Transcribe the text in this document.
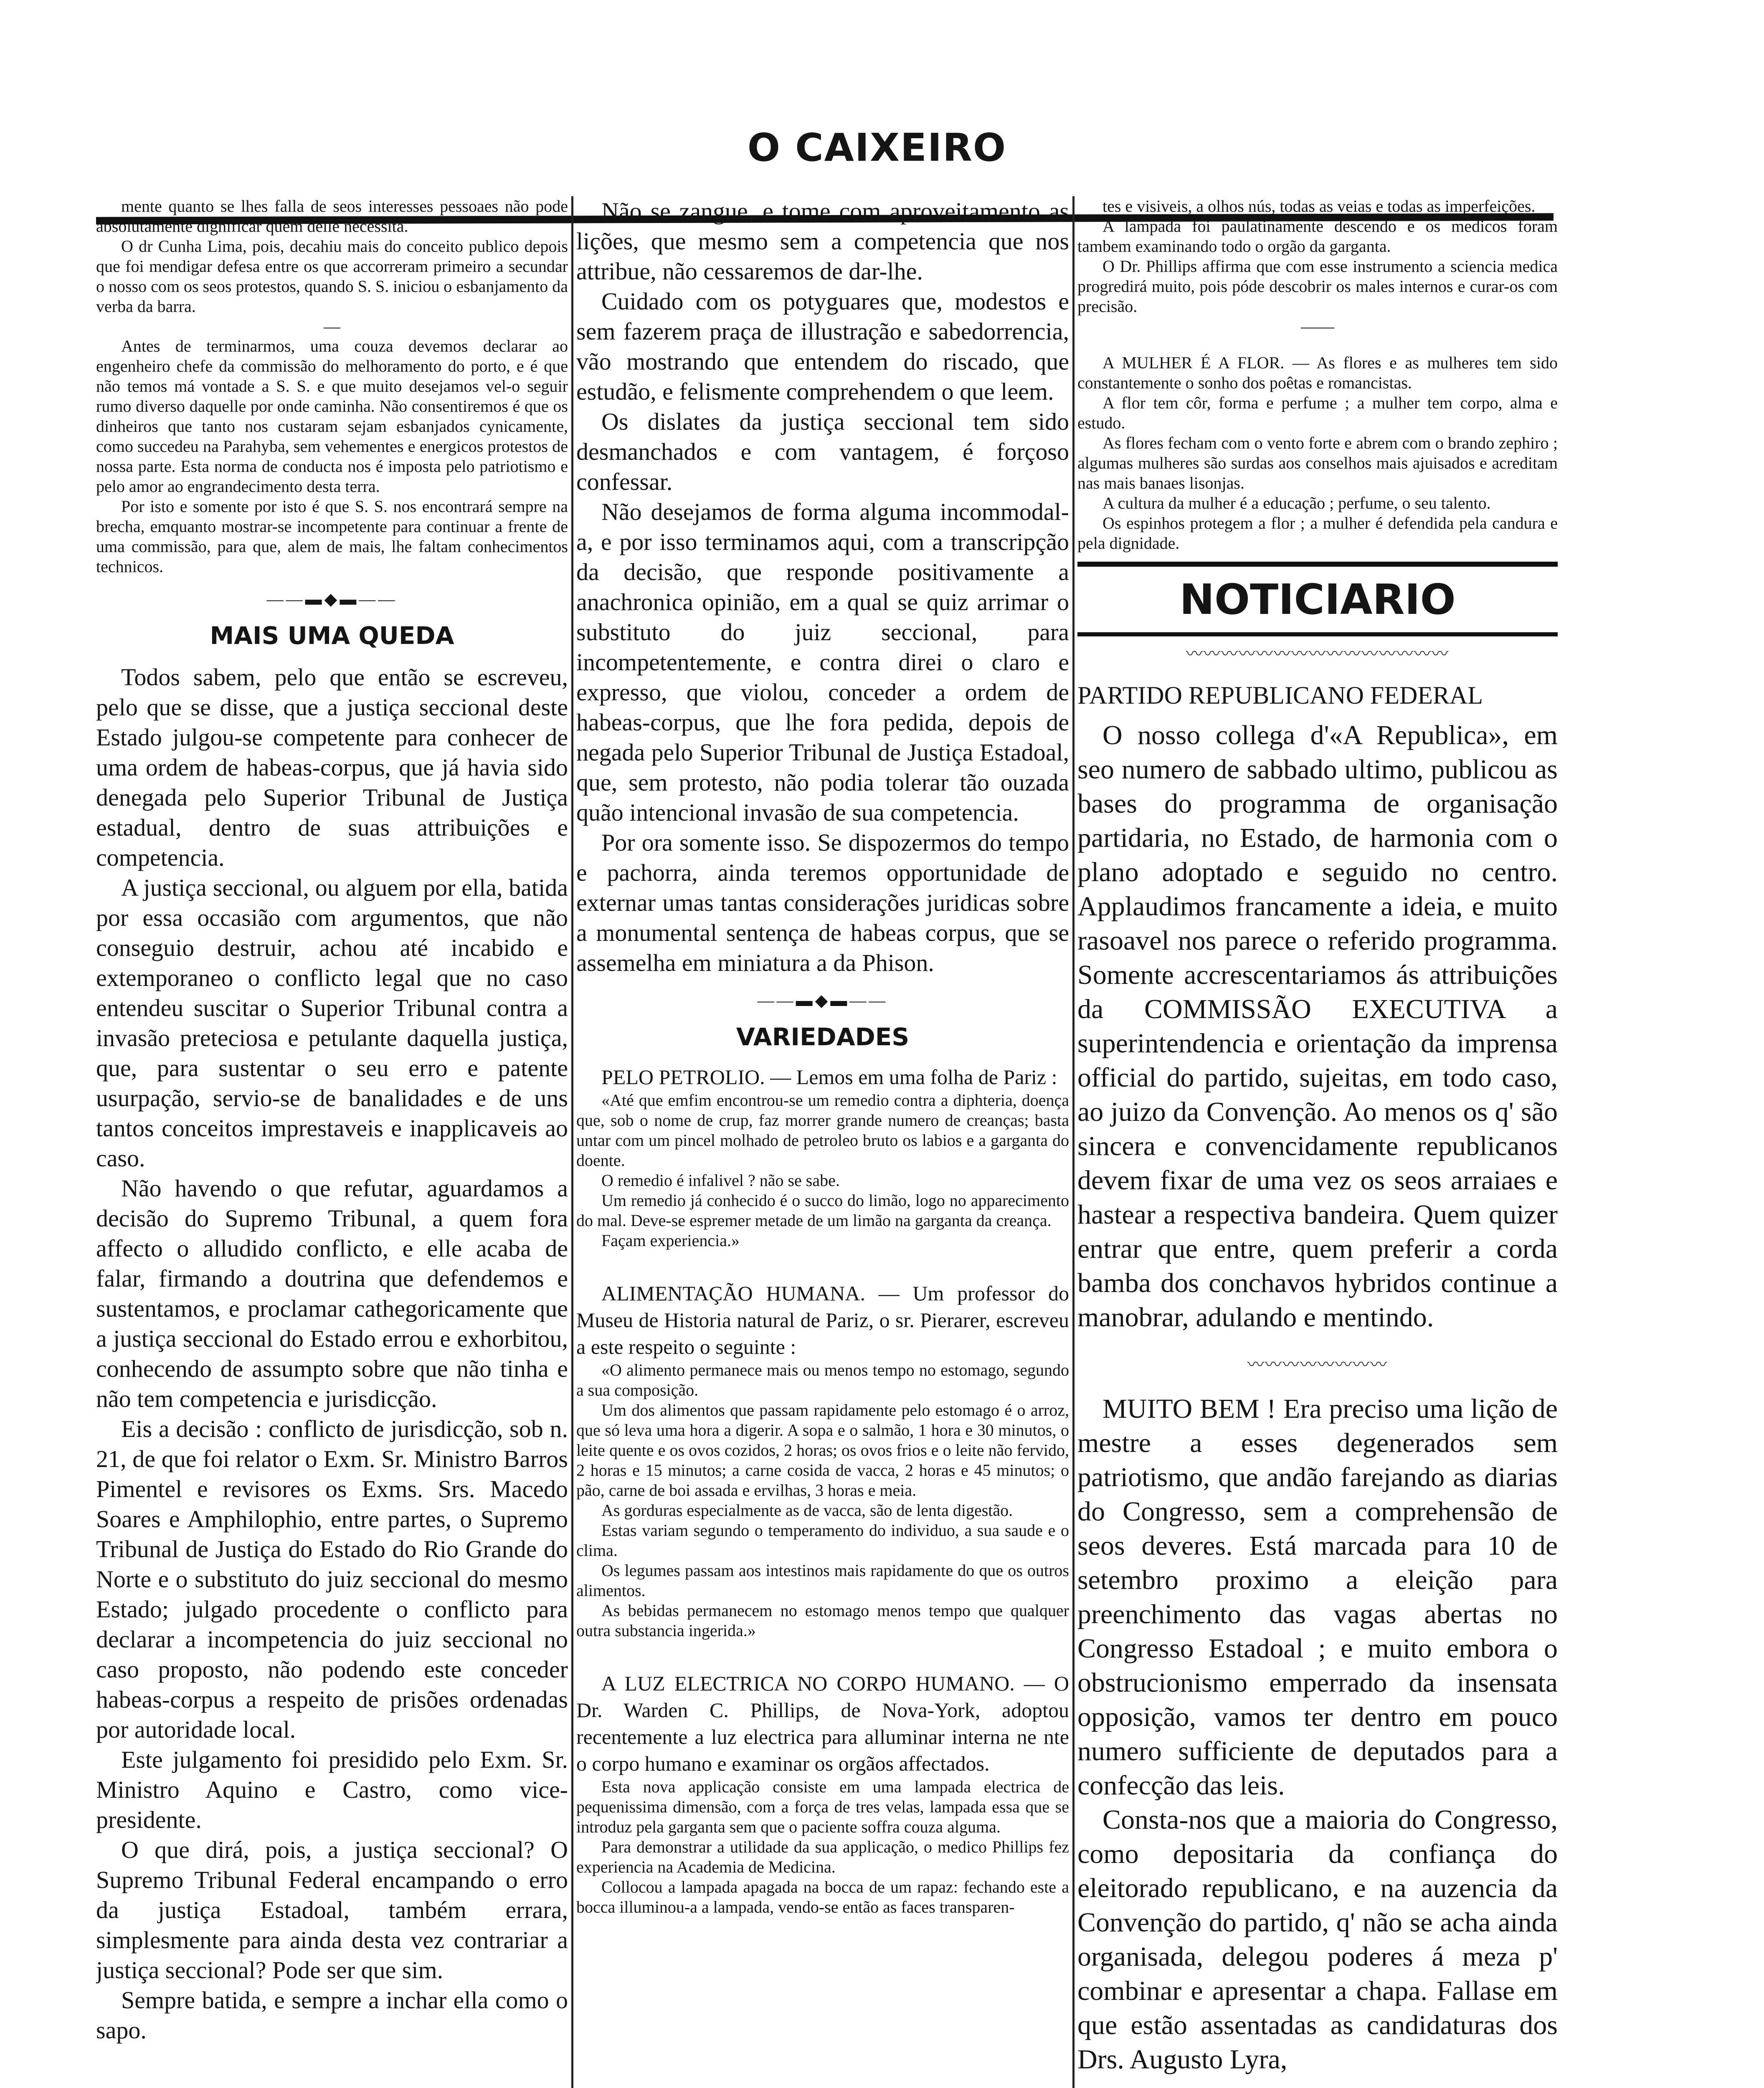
O CAIXEIRO

mente quanto se lhes falla de seos interesses pessoaes não pode absolutamente dignificar quem delle necessita.

O dr Cunha Lima, pois, decahiu mais do conceito publico depois que foi mendigar defesa entre os que accorreram primeiro a secundar o nosso com os seos protestos, quando S. S. iniciou o esbanjamento da verba da barra.

—

Antes de terminarmos, uma couza devemos declarar ao engenheiro chefe da commissão do melhoramento do porto, e é que não temos má vontade a S. S. e que muito desejamos vel-o seguir rumo diverso daquelle por onde caminha. Não consentiremos é que os dinheiros que tanto nos custaram sejam esbanjados cynicamente, como succedeu na Parahyba, sem vehementes e energicos protestos de nossa parte. Esta norma de conducta nos é imposta pelo patriotismo e pelo amor ao engrandecimento desta terra.

Por isto e somente por isto é que S. S. nos encontrará sempre na brecha, emquanto mostrar-se incompetente para continuar a frente de uma commissão, para que, alem de mais, lhe faltam conhecimentos technicos.

——▬◆▬——
MAIS UMA QUEDA

Todos sabem, pelo que então se escreveu, pelo que se disse, que a justiça seccional deste Estado julgou-se competente para conhecer de uma ordem de habeas-corpus, que já havia sido denegada pelo Superior Tribunal de Justiça estadual, dentro de suas attribuições e competencia.

A justiça seccional, ou alguem por ella, batida por essa occasião com argumentos, que não conseguio destruir, achou até incabido e extemporaneo o conflicto legal que no caso entendeu suscitar o Superior Tribunal contra a invasão preteciosa e petulante daquella justiça, que, para sustentar o seu erro e patente usurpação, servio-se de banalidades e de uns tantos conceitos imprestaveis e inapplicaveis ao caso.

Não havendo o que refutar, aguardamos a decisão do Supremo Tribunal, a quem fora affecto o alludido conflicto, e elle acaba de falar, firmando a doutrina que defendemos e sustentamos, e proclamar cathegoricamente que a justiça seccional do Estado errou e exhorbitou, conhecendo de assumpto sobre que não tinha e não tem competencia e jurisdicção.

Eis a decisão : conflicto de jurisdicção, sob n. 21, de que foi relator o Exm. Sr. Ministro Barros Pimentel e revisores os Exms. Srs. Macedo Soares e Amphilophio, entre partes, o Supremo Tribunal de Justiça do Estado do Rio Grande do Norte e o substituto do juiz seccional do mesmo Estado; julgado procedente o conflicto para declarar a incompetencia do juiz seccional no caso proposto, não podendo este conceder habeas-corpus a respeito de prisões ordenadas por autoridade local.

Este julgamento foi presidido pelo Exm. Sr. Ministro Aquino e Castro, como vice-presidente.

O que dirá, pois, a justiça seccional? O Supremo Tribunal Federal encampando o erro da justiça Estadoal, também errara, simplesmente para ainda desta vez contrariar a justiça seccional? Pode ser que sim.

Sempre batida, e sempre a inchar ella como o sapo.

Não se zangue, e tome com aproveitamento as lições, que mesmo sem a competencia que nos attribue, não cessaremos de dar-lhe.

Cuidado com os potyguares que, modestos e sem fazerem praça de illustração e sabedorrencia, vão mostrando que entendem do riscado, que estudão, e felismente comprehendem o que leem.

Os dislates da justiça seccional tem sido desmanchados e com vantagem, é forçoso confessar.

Não desejamos de forma alguma incommodal-a, e por isso terminamos aqui, com a transcripção da decisão, que responde positivamente a anachronica opinião, em a qual se quiz arrimar o substituto do juiz seccional, para incompetentemente, e contra direi o claro e expresso, que violou, conceder a ordem de habeas-corpus, que lhe fora pedida, depois de negada pelo Superior Tribunal de Justiça Estadoal, que, sem protesto, não podia tolerar tão ouzada quão intencional invasão de sua competencia.

Por ora somente isso. Se dispozermos do tempo e pachorra, ainda teremos opportunidade de externar umas tantas considerações juridicas sobre a monumental sentença de habeas corpus, que se assemelha em miniatura a da Phison.

——▬◆▬——
VARIEDADES

PELO PETROLIO. — Lemos em uma folha de Pariz :

«Até que emfim encontrou-se um remedio contra a diphteria, doença que, sob o nome de crup, faz morrer grande numero de creanças; basta untar com um pincel molhado de petroleo bruto os labios e a garganta do doente.

O remedio é infalivel ? não se sabe.

Um remedio já conhecido é o succo do limão, logo no apparecimento do mal. Deve-se espremer metade de um limão na garganta da creança.

Façam experiencia.»

ALIMENTAÇÃO HUMANA. — Um professor do Museu de Historia natural de Pariz, o sr. Pierarer, escreveu a este respeito o seguinte :

«O alimento permanece mais ou menos tempo no estomago, segundo a sua composição.

Um dos alimentos que passam rapidamente pelo estomago é o arroz, que só leva uma hora a digerir. A sopa e o salmão, 1 hora e 30 minutos, o leite quente e os ovos cozidos, 2 horas; os ovos frios e o leite não fervido, 2 horas e 15 minutos; a carne cosida de vacca, 2 horas e 45 minutos; o pão, carne de boi assada e ervilhas, 3 horas e meia.

As gorduras especialmente as de vacca, são de lenta digestão.

Estas variam segundo o temperamento do individuo, a sua saude e o clima.

Os legumes passam aos intestinos mais rapidamente do que os outros alimentos.

As bebidas permanecem no estomago menos tempo que qualquer outra substancia ingerida.»

A LUZ ELECTRICA NO CORPO HUMANO. — O Dr. Warden C. Phillips, de Nova-York, adoptou recentemente a luz electrica para alluminar interna ne nte o corpo humano e examinar os orgãos affectados.

Esta nova applicação consiste em uma lampada electrica de pequenissima dimensão, com a força de tres velas, lampada essa que se introduz pela garganta sem que o paciente soffra couza alguma.

Para demonstrar a utilidade da sua applicação, o medico Phillips fez experiencia na Academia de Medicina.

Collocou a lampada apagada na bocca de um rapaz: fechando este a bocca illuminou-a a lampada, vendo-se então as faces transparen-

tes e visiveis, a olhos nús, todas as veias e todas as imperfeições.

A lampada foi paulatinamente descendo e os medicos foram tambem examinando todo o orgão da garganta.

O Dr. Phillips affirma que com esse instrumento a sciencia medica progredirá muito, pois póde descobrir os males internos e curar-os com precisão.

——

A MULHER É A FLOR. — As flores e as mulheres tem sido constantemente o sonho dos poêtas e romancistas.

A flor tem côr, forma e perfume ; a mulher tem corpo, alma e estudo.

As flores fecham com o vento forte e abrem com o brando zephiro ; algumas mulheres são surdas aos conselhos mais ajuisados e acreditam nas mais banaes lisonjas.

A cultura da mulher é a educação ; perfume, o seu talento.

Os espinhos protegem a flor ; a mulher é defendida pela candura e pela dignidade.

NOTICIARIO
〰〰〰〰〰〰〰〰〰〰〰〰〰〰〰
PARTIDO REPUBLICANO FEDERAL

O nosso collega d'«A Republica», em seo numero de sabbado ultimo, publicou as bases do programma de organisação partidaria, no Estado, de harmonia com o plano adoptado e seguido no centro. Applaudimos francamente a ideia, e muito rasoavel nos parece o referido programma. Somente accrescentariamos ás attribuições da COMMISSÃO EXECUTIVA a superintendencia e orientação da imprensa official do partido, sujeitas, em todo caso, ao juizo da Convenção. Ao menos os q' são sincera e convencidamente republicanos devem fixar de uma vez os seos arraiaes e hastear a respectiva bandeira. Quem quizer entrar que entre, quem preferir a corda bamba dos conchavos hybridos continue a manobrar, adulando e mentindo.

〰〰〰〰〰〰〰〰

MUITO BEM ! Era preciso uma lição de mestre a esses degenerados sem patriotismo, que andão farejando as diarias do Congresso, sem a comprehensão de seos deveres. Está marcada para 10 de setembro proximo a eleição para preenchimento das vagas abertas no Congresso Estadoal ; e muito embora o obstrucionismo emperrado da insensata opposição, vamos ter dentro em pouco numero sufficiente de deputados para a confecção das leis.

Consta-nos que a maioria do Congresso, como depositaria da confiança do eleitorado republicano, e na auzencia da Convenção do partido, q' não se acha ainda organisada, delegou poderes á meza p' combinar e apresentar a chapa. Fallase em que estão assentadas as candidaturas dos Drs. Augusto Lyra,
